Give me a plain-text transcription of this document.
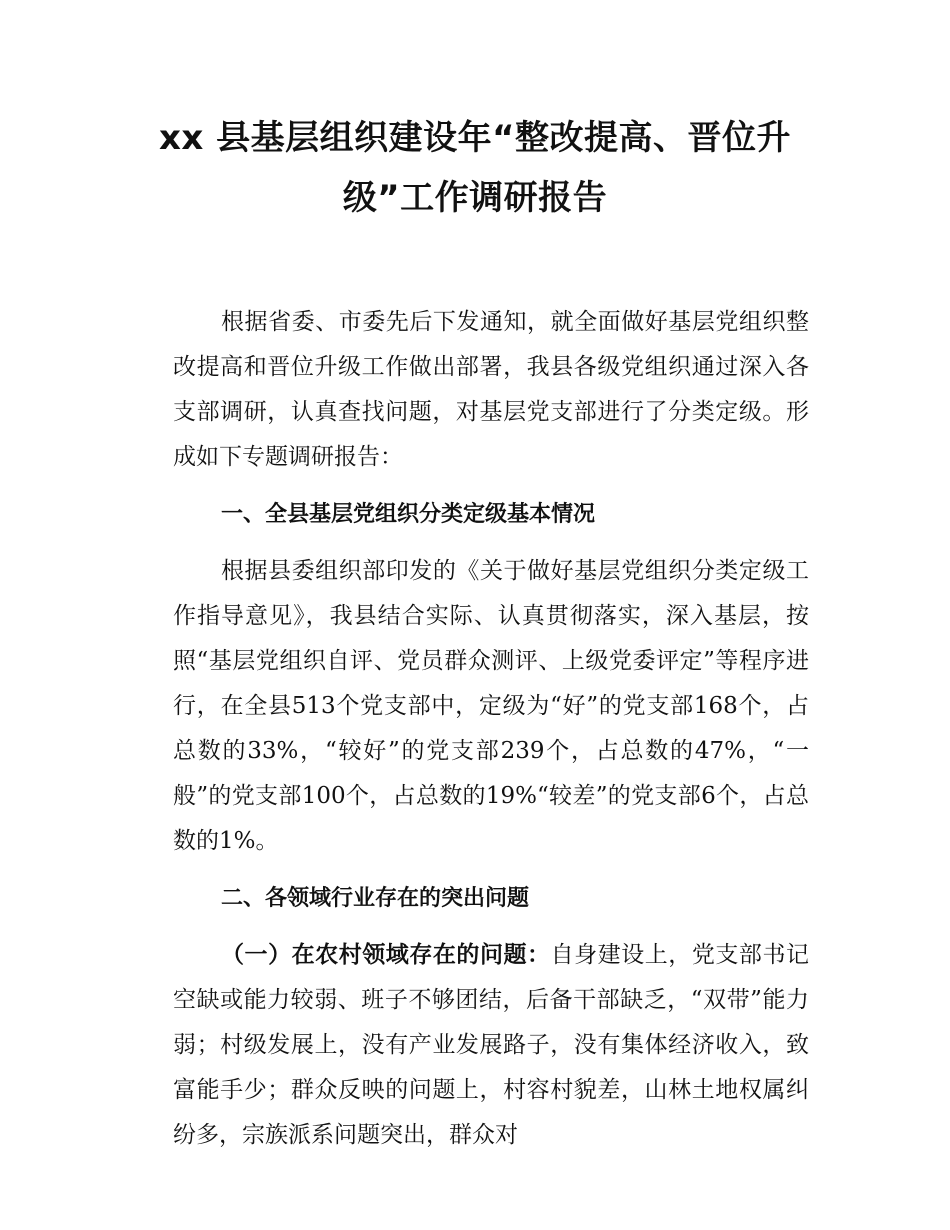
xx 县基层组织建设年“整改提高、晋位升
级”工作调研报告

根据省委、市委先后下发通知，就全面做好基层党组织整改提高和晋位升级工作做出部署，我县各级党组织通过深入各支部调研，认真查找问题，对基层党支部进行了分类定级。形成如下专题调研报告：

一、全县基层党组织分类定级基本情况

根据县委组织部印发的《关于做好基层党组织分类定级工作指导意见》，我县结合实际、认真贯彻落实，深入基层，按照“基层党组织自评、党员群众测评、上级党委评定”等程序进行，在全县513个党支部中，定级为“好”的党支部168个，占总数的33%，“较好”的党支部239个，占总数的47%，“一般”的党支部100个，占总数的19%“较差”的党支部6个，占总数的1%。

二、各领域行业存在的突出问题

（一）在农村领域存在的问题：自身建设上，党支部书记空缺或能力较弱、班子不够团结，后备干部缺乏，“双带”能力弱；村级发展上，没有产业发展路子，没有集体经济收入，致富能手少；群众反映的问题上，村容村貌差，山林土地权属纠纷多，宗族派系问题突出，群众对
